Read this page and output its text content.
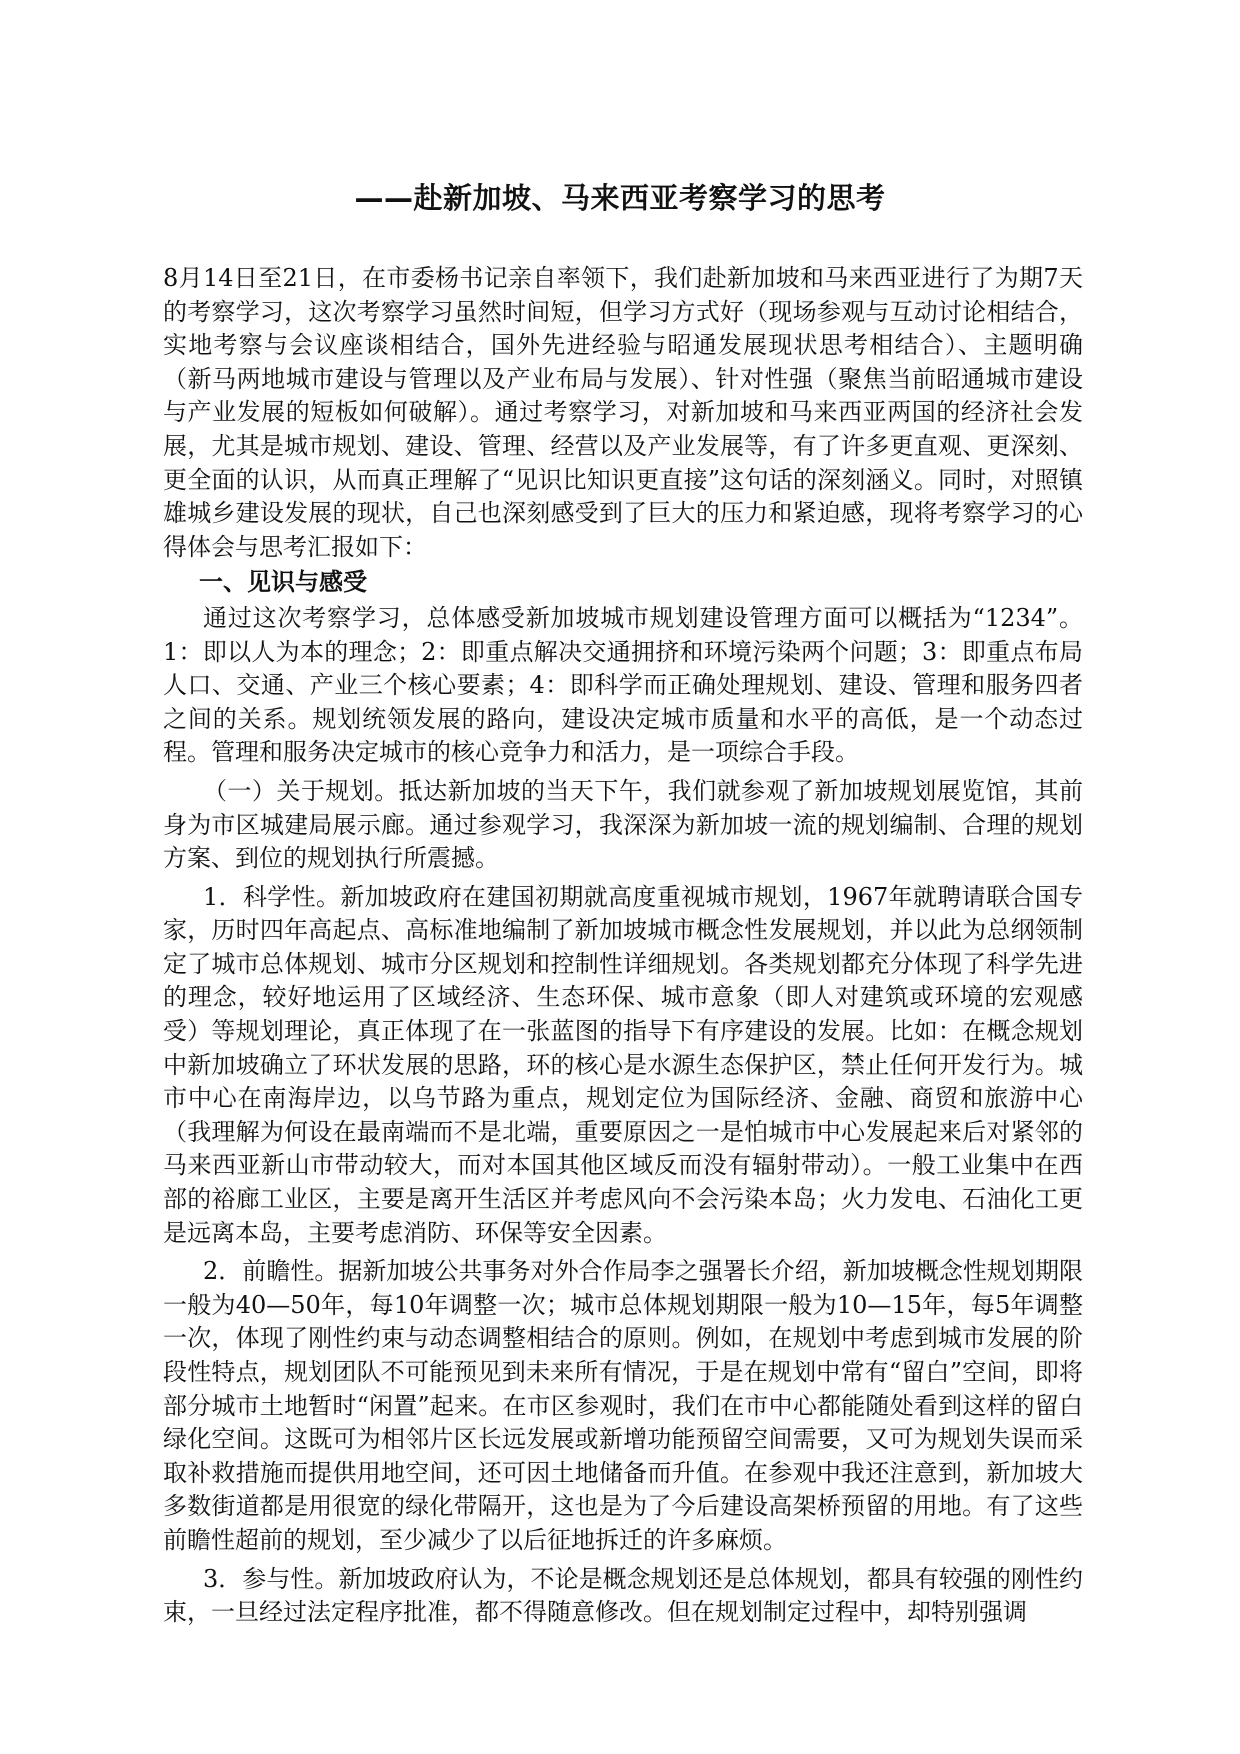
——赴新加坡、马来西亚考察学习的思考

8月14日至21日，在市委杨书记亲自率领下，我们赴新加坡和马来西亚进行了为期7天的考察学习，这次考察学习虽然时间短，但学习方式好（现场参观与互动讨论相结合，实地考察与会议座谈相结合，国外先进经验与昭通发展现状思考相结合）、主题明确（新马两地城市建设与管理以及产业布局与发展）、针对性强（聚焦当前昭通城市建设与产业发展的短板如何破解）。通过考察学习，对新加坡和马来西亚两国的经济社会发展，尤其是城市规划、建设、管理、经营以及产业发展等，有了许多更直观、更深刻、更全面的认识，从而真正理解了“见识比知识更直接”这句话的深刻涵义。同时，对照镇雄城乡建设发展的现状，自己也深刻感受到了巨大的压力和紧迫感，现将考察学习的心得体会与思考汇报如下：

一、见识与感受

通过这次考察学习，总体感受新加坡城市规划建设管理方面可以概括为“1234”。1：即以人为本的理念；2：即重点解决交通拥挤和环境污染两个问题；3：即重点布局人口、交通、产业三个核心要素；4：即科学而正确处理规划、建设、管理和服务四者之间的关系。规划统领发展的路向，建设决定城市质量和水平的高低，是一个动态过程。管理和服务决定城市的核心竞争力和活力，是一项综合手段。

（一）关于规划。抵达新加坡的当天下午，我们就参观了新加坡规划展览馆，其前身为市区城建局展示廊。通过参观学习，我深深为新加坡一流的规划编制、合理的规划方案、到位的规划执行所震撼。

1．科学性。新加坡政府在建国初期就高度重视城市规划，1967年就聘请联合国专家，历时四年高起点、高标准地编制了新加坡城市概念性发展规划，并以此为总纲领制定了城市总体规划、城市分区规划和控制性详细规划。各类规划都充分体现了科学先进的理念，较好地运用了区域经济、生态环保、城市意象（即人对建筑或环境的宏观感受）等规划理论，真正体现了在一张蓝图的指导下有序建设的发展。比如：在概念规划中新加坡确立了环状发展的思路，环的核心是水源生态保护区，禁止任何开发行为。城市中心在南海岸边，以乌节路为重点，规划定位为国际经济、金融、商贸和旅游中心（我理解为何设在最南端而不是北端，重要原因之一是怕城市中心发展起来后对紧邻的马来西亚新山市带动较大，而对本国其他区域反而没有辐射带动）。一般工业集中在西部的裕廊工业区，主要是离开生活区并考虑风向不会污染本岛；火力发电、石油化工更是远离本岛，主要考虑消防、环保等安全因素。

2．前瞻性。据新加坡公共事务对外合作局李之强署长介绍，新加坡概念性规划期限一般为40—50年，每10年调整一次；城市总体规划期限一般为10—15年，每5年调整一次，体现了刚性约束与动态调整相结合的原则。例如，在规划中考虑到城市发展的阶段性特点，规划团队不可能预见到未来所有情况，于是在规划中常有“留白”空间，即将部分城市土地暂时“闲置”起来。在市区参观时，我们在市中心都能随处看到这样的留白绿化空间。这既可为相邻片区长远发展或新增功能预留空间需要，又可为规划失误而采取补救措施而提供用地空间，还可因土地储备而升值。在参观中我还注意到，新加坡大多数街道都是用很宽的绿化带隔开，这也是为了今后建设高架桥预留的用地。有了这些前瞻性超前的规划，至少减少了以后征地拆迁的许多麻烦。

3．参与性。新加坡政府认为，不论是概念规划还是总体规划，都具有较强的刚性约束，一旦经过法定程序批准，都不得随意修改。但在规划制定过程中，却特别强调
